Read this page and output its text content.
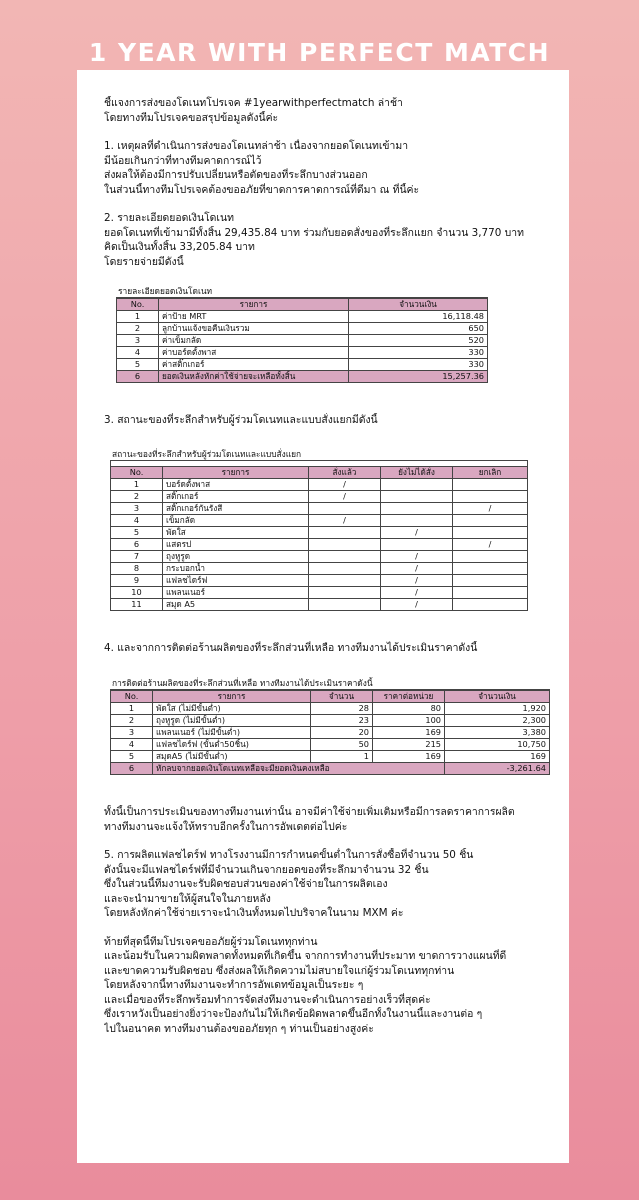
1 YEAR WITH PERFECT MATCH
ชี้แจงการส่งของโดเนทโปรเจค #1yearwithperfectmatch ล่าช้า
โดยทางทีมโปรเจคขอสรุปข้อมูลดังนี้ค่ะ
1. เหตุผลที่ดำเนินการส่งของโดเนทล่าช้า เนื่องจากยอดโดเนทเข้ามา
มีน้อยเกินกว่าที่ทางทีมคาดการณ์ไว้
ส่งผลให้ต้องมีการปรับเปลี่ยนหรือตัดของที่ระลึกบางส่วนออก
ในส่วนนี้ทางทีมโปรเจคต้องขออภัยที่ขาดการคาดการณ์ที่ดีมา ณ ที่นี้ค่ะ
2. รายละเอียดยอดเงินโดเนท
ยอดโดเนทที่เข้ามามีทั้งสิ้น 29,435.84 บาท ร่วมกับยอดสั่งของที่ระลึกแยก จำนวน 3,770 บาท
คิดเป็นเงินทั้งสิ้น 33,205.84 บาท
โดยรายจ่ายมีดังนี้
รายละเอียดยอดเงินโดเนท
No.	รายการ	จำนวนเงิน
1	ค่าป้าย MRT	16,118.48
2	ลูกบ้านแจ้งขอคืนเงินรวม	650
3	ค่าเข็มกลัด	520
4	ค่าบอร์ดตั้งพาส	330
5	ค่าสติ๊กเกอร์	330
6	ยอดเงินหลังหักค่าใช้จ่ายจะเหลือทั้งสิ้น	15,257.36
3. สถานะของที่ระลึกสำหรับผู้ร่วมโดเนทและแบบสั่งแยกมีดังนี้
สถานะของที่ระลึกสำหรับผู้ร่วมโดเนทและแบบสั่งแยก
No.	รายการ	สั่งแล้ว	ยังไม่ได้สั่ง	ยกเลิก
1	บอร์ดตั้งพาส	/		
2	สติ๊กเกอร์	/		
3	สติ๊กเกอร์กันรังสี			/
4	เข็มกลัด	/		
5	พัดใส		/	
6	แสตรป			/
7	ถุงหูรูด		/	
8	กระบอกน้ำ		/	
9	แฟลชไดร์ฟ		/	
10	แพลนเนอร์		/	
11	สมุด A5		/	
4. และจากการติดต่อร้านผลิตของที่ระลึกส่วนที่เหลือ ทางทีมงานได้ประเมินราคาดังนี้
การติดต่อร้านผลิตของที่ระลึกส่วนที่เหลือ ทางทีมงานได้ประเมินราคาดังนี้
No.	รายการ	จำนวน	ราคาต่อหน่วย	จำนวนเงิน
1	พัดใส (ไม่มีขั้นต่ำ)	28	80	1,920
2	ถุงหูรูด (ไม่มีขั้นต่ำ)	23	100	2,300
3	แพลนเนอร์ (ไม่มีขั้นต่ำ)	20	169	3,380
4	แฟลชไดร์ฟ (ขั้นต่ำ50ชิ้น)	50	215	10,750
5	สมุดA5 (ไม่มีขั้นต่ำ)	1	169	169
6	หักลบจากยอดเงินโดเนทเหลือจะมียอดเงินคงเหลือ			-3,261.64
ทั้งนี้เป็นการประเมินของทางทีมงานเท่านั้น อาจมีค่าใช้จ่ายเพิ่มเติมหรือมีการลดราคาการผลิต
ทางทีมงานจะแจ้งให้ทราบอีกครั้งในการอัพเดตต่อไปค่ะ
5. การผลิตแฟลชไดร์ฟ ทางโรงงานมีการกำหนดขั้นต่ำในการสั่งซื้อที่จำนวน 50 ชิ้น
ดังนั้นจะมีแฟลชไดร์ฟที่มีจำนวนเกินจากยอดของที่ระลึกมาจำนวน 32 ชิ้น
ซึ่งในส่วนนี้ทีมงานจะรับผิดชอบส่วนของค่าใช้จ่ายในการผลิตเอง
และจะนำมาขายให้ผู้สนใจในภายหลัง
โดยหลังหักค่าใช้จ่ายเราจะนำเงินทั้งหมดไปบริจาคในนาม MXM ค่ะ
ท้ายที่สุดนี้ทีมโปรเจคขออภัยผู้ร่วมโดเนททุกท่าน
และน้อมรับในความผิดพลาดทั้งหมดที่เกิดขึ้น จากการทำงานที่ประมาท ขาดการวางแผนที่ดี
และขาดความรับผิดชอบ ซึ่งส่งผลให้เกิดความไม่สบายใจแก่ผู้ร่วมโดเนททุกท่าน
โดยหลังจากนี้ทางทีมงานจะทำการอัพเดทข้อมูลเป็นระยะ ๆ
และเมื่อของที่ระลึกพร้อมทำการจัดส่งทีมงานจะดำเนินการอย่างเร็วที่สุดค่ะ
ซึ่งเราหวังเป็นอย่างยิ่งว่าจะป้องกันไม่ให้เกิดข้อผิดพลาดขึ้นอีกทั้งในงานนี้และงานต่อ ๆ
ไปในอนาคต ทางทีมงานต้องขออภัยทุก ๆ ท่านเป็นอย่างสูงค่ะ
